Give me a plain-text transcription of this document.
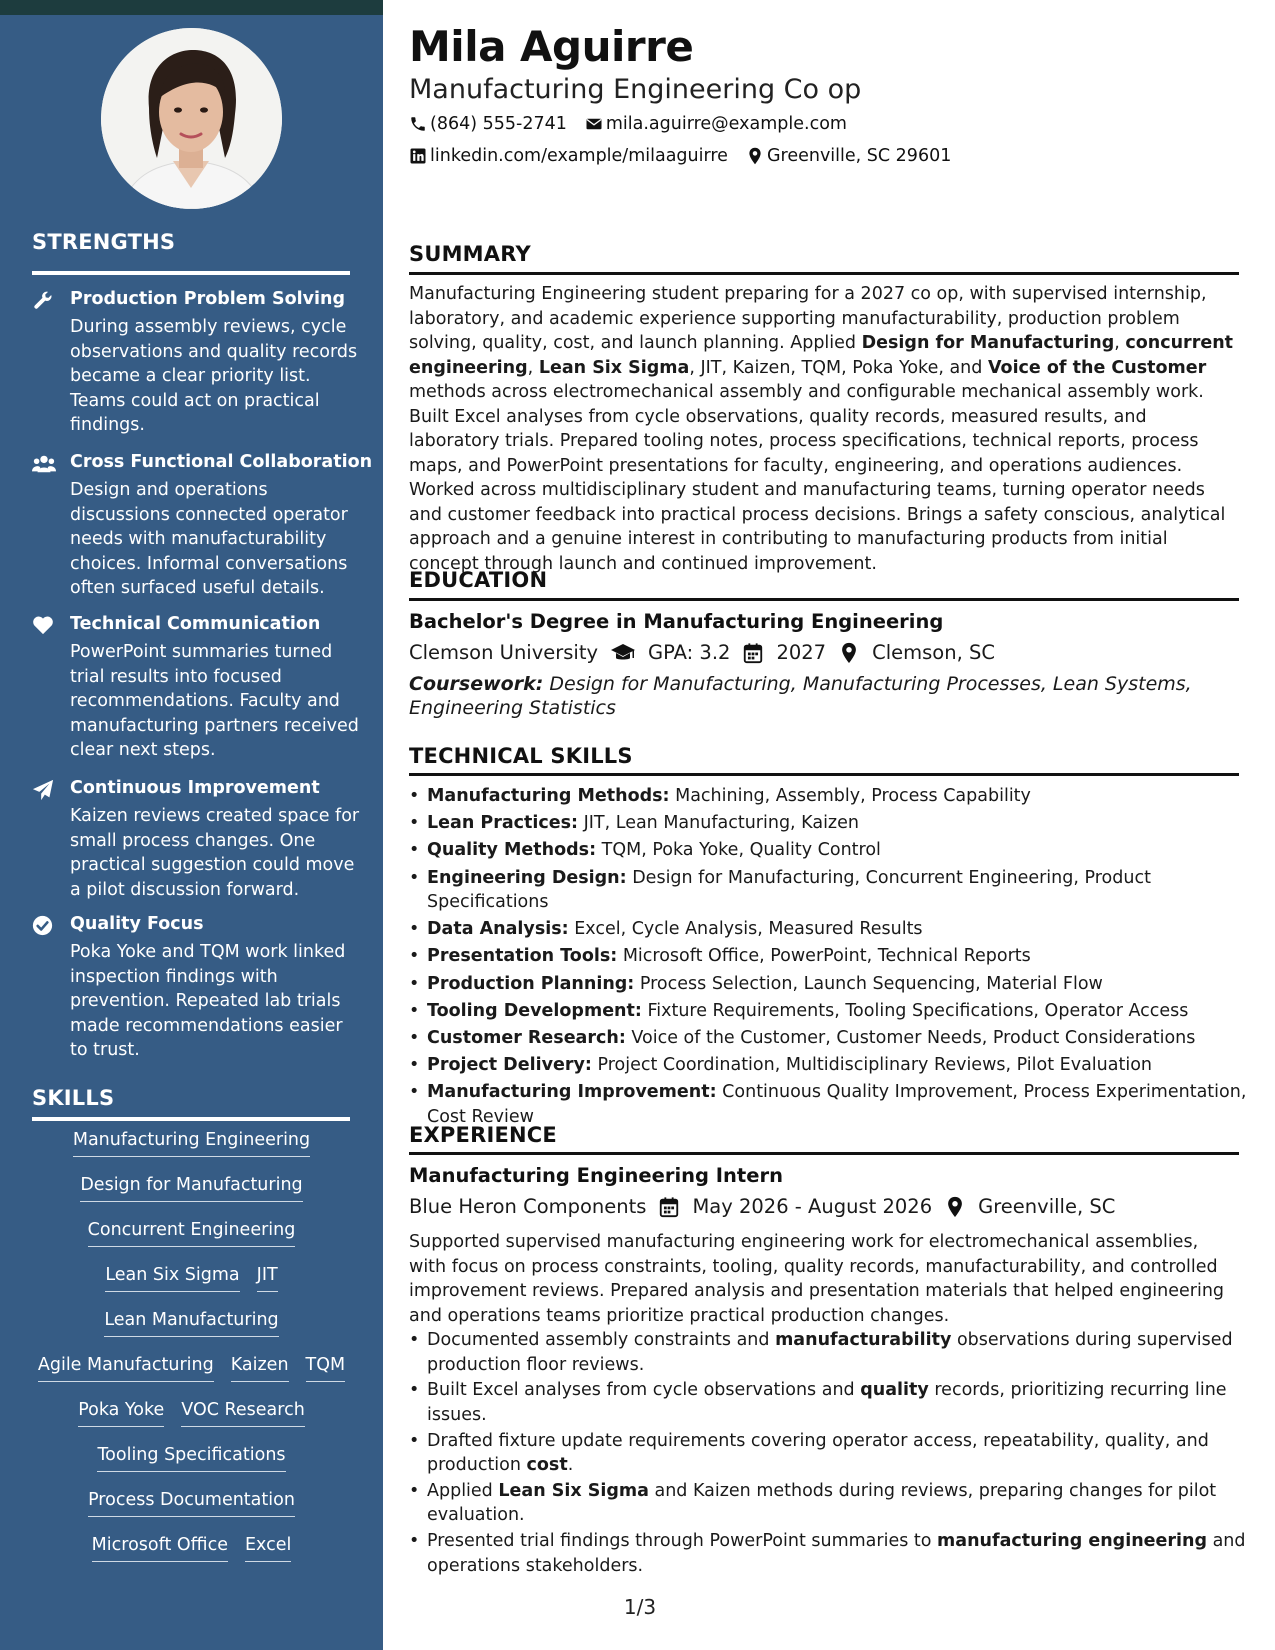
STRENGTHS
Production Problem Solving
During assembly reviews, cycle observations and quality records became a clear priority list. Teams could act on practical findings.
Cross Functional Collaboration
Design and operations discussions connected operator needs with manufacturability choices. Informal conversations often surfaced useful details.
Technical Communication
PowerPoint summaries turned trial results into focused recommendations. Faculty and manufacturing partners received clear next steps.
Continuous Improvement
Kaizen reviews created space for small process changes. One practical suggestion could move a pilot discussion forward.
Quality Focus
Poka Yoke and TQM work linked inspection findings with prevention. Repeated lab trials made recommendations easier to trust.
SKILLS
Manufacturing Engineering
Design for Manufacturing
Concurrent Engineering
Lean Six Sigma JIT
Lean Manufacturing
Agile Manufacturing Kaizen TQM
Poka Yoke VOC Research
Tooling Specifications
Process Documentation
Microsoft Office Excel
Mila Aguirre
Manufacturing Engineering Co op
(864) 555-2741 mila.aguirre@example.com
linkedin.com/example/milaaguirre Greenville, SC 29601
SUMMARY
Manufacturing Engineering student preparing for a 2027 co op, with supervised internship, laboratory, and academic experience supporting manufacturability, production problem solving, quality, cost, and launch planning. Applied Design for Manufacturing, concurrent engineering, Lean Six Sigma, JIT, Kaizen, TQM, Poka Yoke, and Voice of the Customer methods across electromechanical assembly and configurable mechanical assembly work. Built Excel analyses from cycle observations, quality records, measured results, and laboratory trials. Prepared tooling notes, process specifications, technical reports, process maps, and PowerPoint presentations for faculty, engineering, and operations audiences. Worked across multidisciplinary student and manufacturing teams, turning operator needs and customer feedback into practical process decisions. Brings a safety conscious, analytical approach and a genuine interest in contributing to manufacturing products from initial concept through launch and continued improvement.
EDUCATION
Bachelor's Degree in Manufacturing Engineering
Clemson University	GPA: 3.2 2027 Clemson, SC
Coursework: Design for Manufacturing, Manufacturing Processes, Lean Systems, Engineering Statistics
TECHNICAL SKILLS
• Manufacturing Methods: Machining, Assembly, Process Capability
• Lean Practices: JIT, Lean Manufacturing, Kaizen
• Quality Methods: TQM, Poka Yoke, Quality Control
• Engineering Design: Design for Manufacturing, Concurrent Engineering, Product Specifications
• Data Analysis: Excel, Cycle Analysis, Measured Results
• Presentation Tools: Microsoft Office, PowerPoint, Technical Reports
• Production Planning: Process Selection, Launch Sequencing, Material Flow
• Tooling Development: Fixture Requirements, Tooling Specifications, Operator Access
• Customer Research: Voice of the Customer, Customer Needs, Product Considerations
• Project Delivery: Project Coordination, Multidisciplinary Reviews, Pilot Evaluation
• Manufacturing Improvement: Continuous Quality Improvement, Process Experimentation, Cost Review
EXPERIENCE
Manufacturing Engineering Intern
Blue Heron Components May 2026 - August 2026 Greenville, SC
Supported supervised manufacturing engineering work for electromechanical assemblies, with focus on process constraints, tooling, quality records, manufacturability, and controlled improvement reviews. Prepared analysis and presentation materials that helped engineering and operations teams prioritize practical production changes.
• Documented assembly constraints and manufacturability observations during supervised production floor reviews.
• Built Excel analyses from cycle observations and quality records, prioritizing recurring line issues.
• Drafted fixture update requirements covering operator access, repeatability, quality, and production cost.
• Applied Lean Six Sigma and Kaizen methods during reviews, preparing changes for pilot evaluation.
• Presented trial findings through PowerPoint summaries to manufacturing engineering and operations stakeholders.
1/3
